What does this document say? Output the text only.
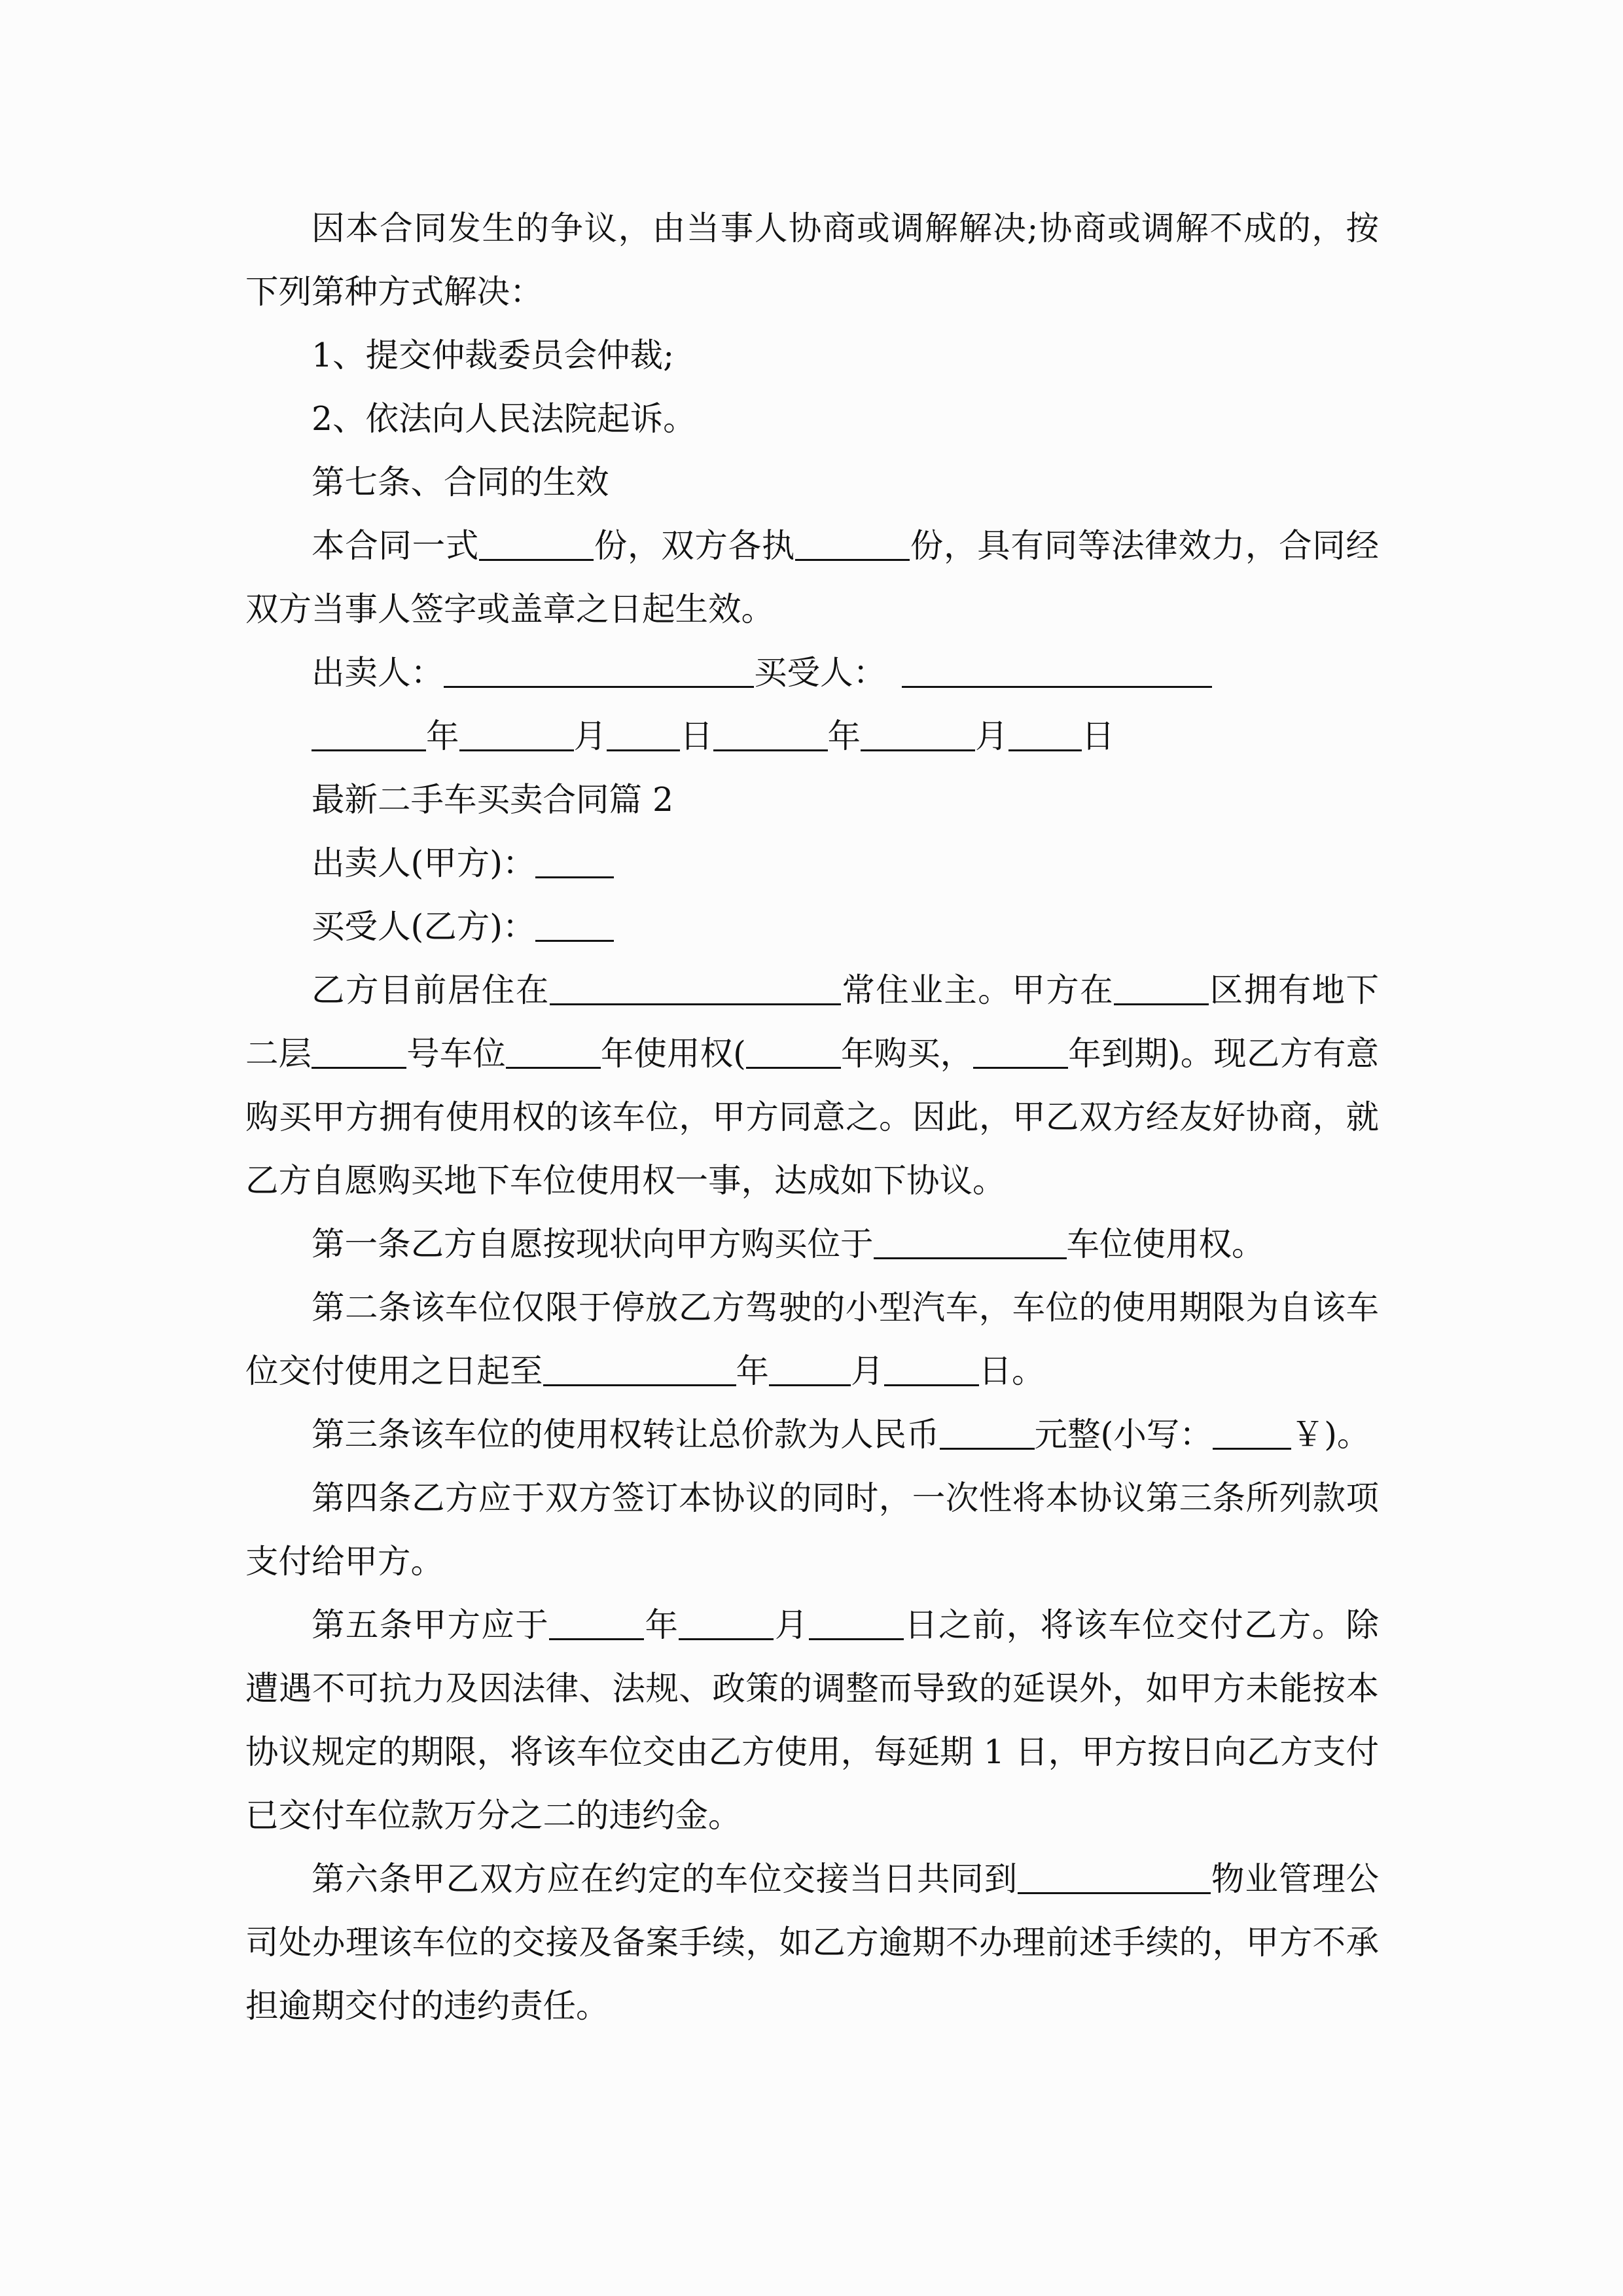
因本合同发生的争议，由当事人协商或调解解决;协商或调解不成的，按下列第种方式解决：

1、提交仲裁委员会仲裁;

2、依法向人民法院起诉。

第七条、合同的生效

本合同一式	份，双方各执	份，具有同等法律效力，合同经双方当事人签字或盖章之日起生效。

出卖人：	买受人：

年	月 日	年	月 日

最新二手车买卖合同篇 2

出卖人(甲方)：

买受人(乙方)：

乙方目前居住在	常住业主。甲方在	区拥有地下二层	号车位	年使用权(	年购买，	年到期)。现乙方有意购买甲方拥有使用权的该车位，甲方同意之。因此，甲乙双方经友好协商，就乙方自愿购买地下车位使用权一事，达成如下协议。

第一条乙方自愿按现状向甲方购买位于	车位使用权。

第二条该车位仅限于停放乙方驾驶的小型汽车，车位的使用期限为自该车位交付使用之日起至	年 月	日。

第三条该车位的使用权转让总价款为人民币	元整(小写： ￥)。

第四条乙方应于双方签订本协议的同时，一次性将本协议第三条所列款项支付给甲方。

第五条甲方应于	年	月	日之前，将该车位交付乙方。除遭遇不可抗力及因法律、法规、政策的调整而导致的延误外，如甲方未能按本协议规定的期限，将该车位交由乙方使用，每延期 1 日，甲方按日向乙方支付已交付车位款万分之二的违约金。

第六条甲乙双方应在约定的车位交接当日共同到	物业管理公司处办理该车位的交接及备案手续，如乙方逾期不办理前述手续的，甲方不承担逾期交付的违约责任。
